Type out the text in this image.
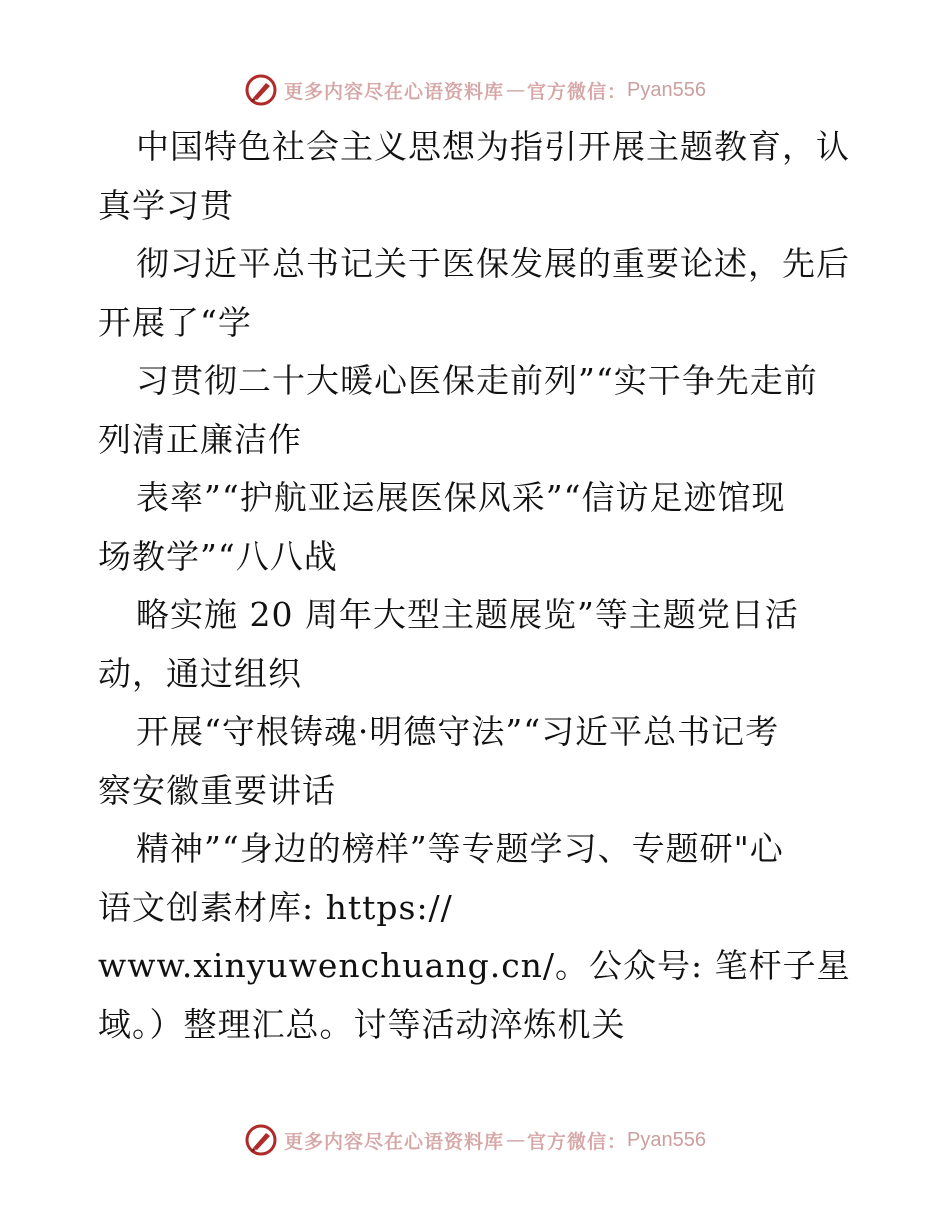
更多内容尽在心语资料库 — 官方微信： Pyan556
中国特色社会主义思想为指引开展主题教育，认
真学习贯
彻习近平总书记关于医保发展的重要论述，先后
开展了“学
习贯彻二十大暖心医保走前列”“实干争先走前
列清正廉洁作
表率”“护航亚运展医保风采”“信访足迹馆现
场教学”“八八战
略实施 20 周年大型主题展览”等主题党日活
动，通过组织
开展“守根铸魂·明德守法”“习近平总书记考
察安徽重要讲话
精神”“身边的榜样”等专题学习、专题研"心
语文创素材库: https://
www.xinyuwenchuang.cn/。公众号: 笔杆子星
域。）整理汇总。讨等活动淬炼机关
更多内容尽在心语资料库 — 官方微信： Pyan556
